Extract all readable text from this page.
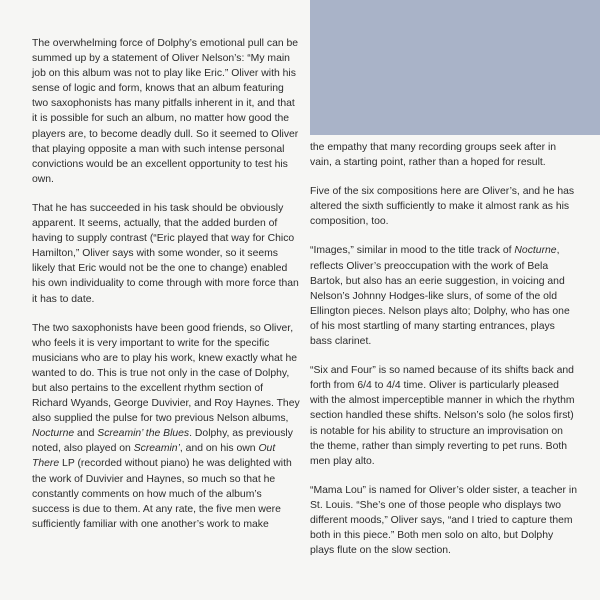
The overwhelming force of Dolphy’s emotional pull can be summed up by a statement of Oliver Nelson’s: “My main job on this album was not to play like Eric.” Oliver with his sense of logic and form, knows that an album featuring two saxophonists has many pitfalls inherent in it, and that it is possible for such an album, no matter how good the players are, to become deadly dull. So it seemed to Oliver that playing opposite a man with such intense personal convictions would be an excellent opportunity to test his own.

That he has succeeded in his task should be obviously apparent. It seems, actually, that the added burden of having to supply contrast (“Eric played that way for Chico Hamilton,” Oliver says with some wonder, so it seems likely that Eric would not be the one to change) enabled his own individuality to come through with more force than it has to date.

The two saxophonists have been good friends, so Oliver, who feels it is very important to write for the specific musicians who are to play his work, knew exactly what he wanted to do. This is true not only in the case of Dolphy, but also pertains to the excellent rhythm section of Richard Wyands, George Duvivier, and Roy Haynes. They also supplied the pulse for two previous Nelson albums, Nocturne and Screamin’ the Blues. Dolphy, as previously noted, also played on Screamin’, and on his own Out There LP (recorded without piano) he was delighted with the work of Duvivier and Haynes, so much so that he constantly comments on how much of the album’s success is due to them. At any rate, the five men were sufficiently familiar with one another’s work to make

the empathy that many recording groups seek after in vain, a starting point, rather than a hoped for result.

Five of the six compositions here are Oliver’s, and he has altered the sixth sufficiently to make it almost rank as his composition, too.

“Images,” similar in mood to the title track of Nocturne, reflects Oliver’s preoccupation with the work of Bela Bartok, but also has an eerie suggestion, in voicing and Nelson’s Johnny Hodges-like slurs, of some of the old Ellington pieces. Nelson plays alto; Dolphy, who has one of his most startling of many starting entrances, plays bass clarinet.

“Six and Four” is so named because of its shifts back and forth from 6/4 to 4/4 time. Oliver is particularly pleased with the almost imperceptible manner in which the rhythm section handled these shifts. Nelson’s solo (he solos first) is notable for his ability to structure an improvisation on the theme, rather than simply reverting to pet runs. Both men play alto.

“Mama Lou” is named for Oliver’s older sister, a teacher in St. Louis. “She’s one of those people who displays two different moods,” Oliver says, “and I tried to capture them both in this piece.” Both men solo on alto, but Dolphy plays flute on the slow section.
